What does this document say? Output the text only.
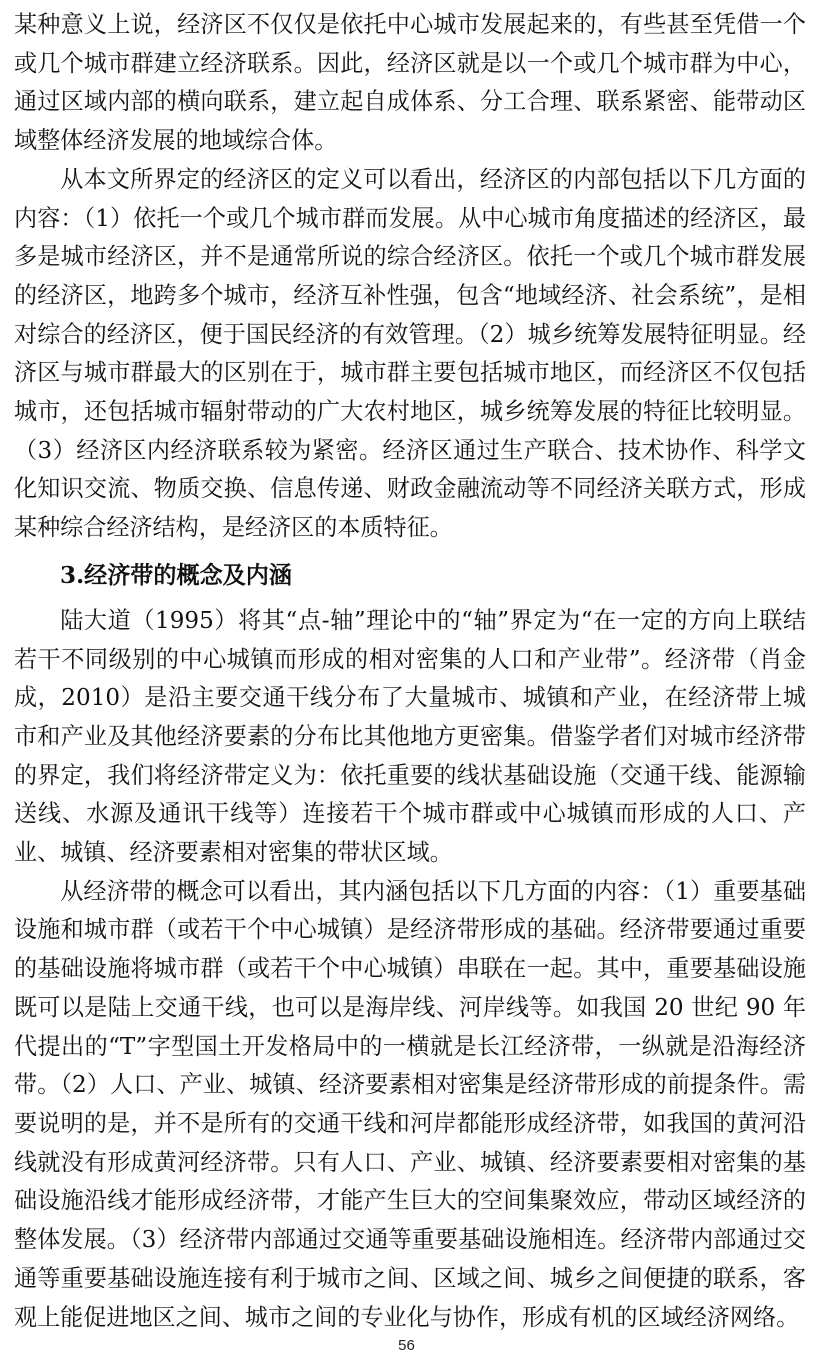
某种意义上说，经济区不仅仅是依托中心城市发展起来的，有些甚至凭借一个或几个城市群建立经济联系。因此，经济区就是以一个或几个城市群为中心，通过区域内部的横向联系，建立起自成体系、分工合理、联系紧密、能带动区域整体经济发展的地域综合体。

从本文所界定的经济区的定义可以看出，经济区的内部包括以下几方面的内容：（1）依托一个或几个城市群而发展。从中心城市角度描述的经济区，最多是城市经济区，并不是通常所说的综合经济区。依托一个或几个城市群发展的经济区，地跨多个城市，经济互补性强，包含“地域经济、社会系统”，是相对综合的经济区，便于国民经济的有效管理。（2）城乡统筹发展特征明显。经济区与城市群最大的区别在于，城市群主要包括城市地区，而经济区不仅包括城市，还包括城市辐射带动的广大农村地区，城乡统筹发展的特征比较明显。（3）经济区内经济联系较为紧密。经济区通过生产联合、技术协作、科学文化知识交流、物质交换、信息传递、财政金融流动等不同经济关联方式，形成某种综合经济结构，是经济区的本质特征。

3.经济带的概念及内涵

陆大道（1995）将其“点-轴”理论中的“轴”界定为“在一定的方向上联结若干不同级别的中心城镇而形成的相对密集的人口和产业带”。经济带（肖金成，2010）是沿主要交通干线分布了大量城市、城镇和产业，在经济带上城市和产业及其他经济要素的分布比其他地方更密集。借鉴学者们对城市经济带的界定，我们将经济带定义为：依托重要的线状基础设施（交通干线、能源输送线、水源及通讯干线等）连接若干个城市群或中心城镇而形成的人口、产业、城镇、经济要素相对密集的带状区域。

从经济带的概念可以看出，其内涵包括以下几方面的内容：（1）重要基础设施和城市群（或若干个中心城镇）是经济带形成的基础。经济带要通过重要的基础设施将城市群（或若干个中心城镇）串联在一起。其中，重要基础设施既可以是陆上交通干线，也可以是海岸线、河岸线等。如我国 20 世纪 90 年代提出的“T”字型国土开发格局中的一横就是长江经济带，一纵就是沿海经济带。（2）人口、产业、城镇、经济要素相对密集是经济带形成的前提条件。需要说明的是，并不是所有的交通干线和河岸都能形成经济带，如我国的黄河沿线就没有形成黄河经济带。只有人口、产业、城镇、经济要素要相对密集的基础设施沿线才能形成经济带，才能产生巨大的空间集聚效应，带动区域经济的整体发展。（3）经济带内部通过交通等重要基础设施相连。经济带内部通过交通等重要基础设施连接有利于城市之间、区域之间、城乡之间便捷的联系，客观上能促进地区之间、城市之间的专业化与协作，形成有机的区域经济网络。

56
